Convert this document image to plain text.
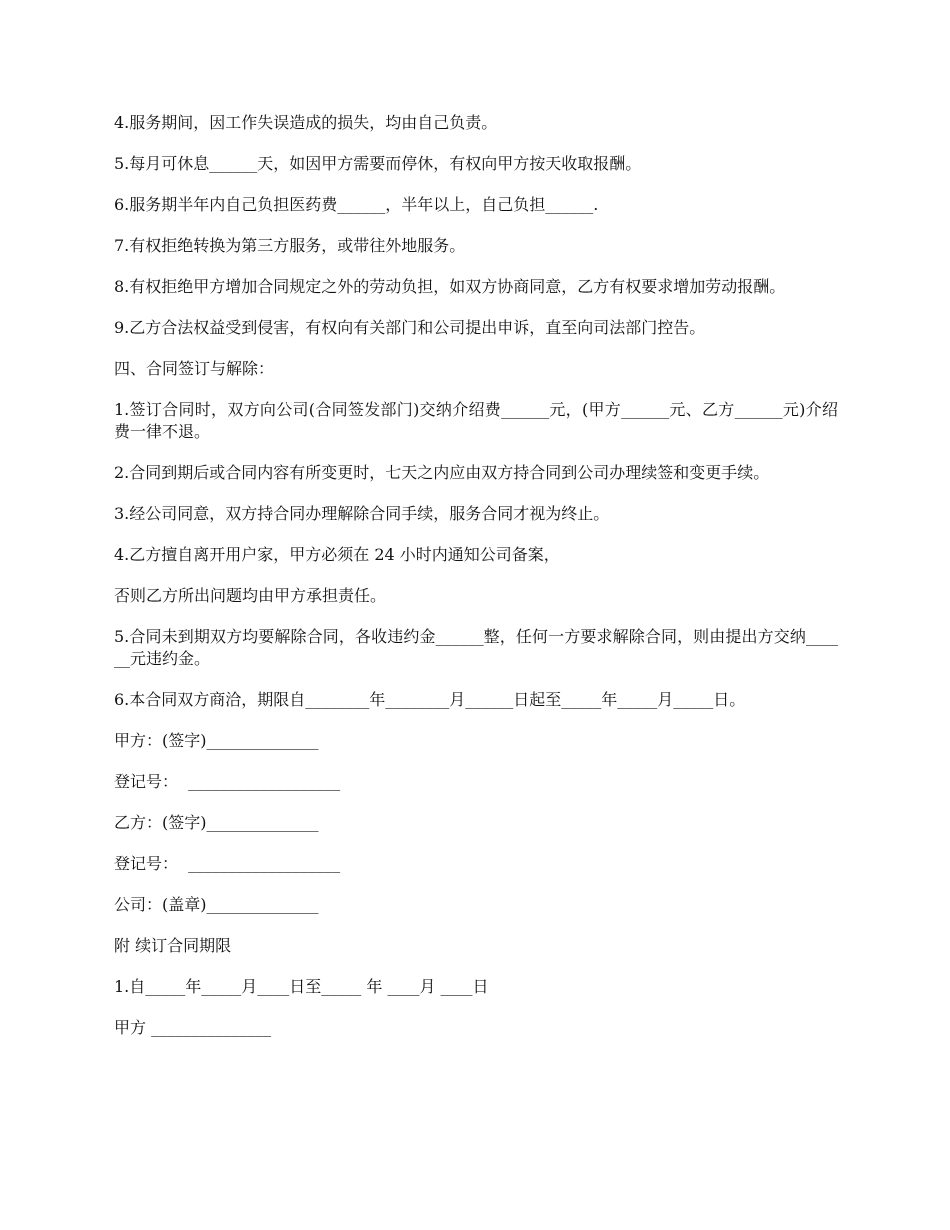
4.服务期间，因工作失误造成的损失，均由自己负责。

5.每月可休息______天，如因甲方需要而停休，有权向甲方按天收取报酬。

6.服务期半年内自己负担医药费______，半年以上，自己负担______.

7.有权拒绝转换为第三方服务，或带往外地服务。

8.有权拒绝甲方增加合同规定之外的劳动负担，如双方协商同意，乙方有权要求增加劳动报酬。

9.乙方合法权益受到侵害，有权向有关部门和公司提出申诉，直至向司法部门控告。

四、合同签订与解除：

1.签订合同时，双方向公司(合同签发部门)交纳介绍费______元，(甲方______元、乙方______元)介绍费一律不退。

2.合同到期后或合同内容有所变更时，七天之内应由双方持合同到公司办理续签和变更手续。

3.经公司同意，双方持合同办理解除合同手续，服务合同才视为终止。

4.乙方擅自离开用户家，甲方必须在 24 小时内通知公司备案，

否则乙方所出问题均由甲方承担责任。

5.合同未到期双方均要解除合同，各收违约金______整，任何一方要求解除合同，则由提出方交纳______元违约金。

6.本合同双方商洽，期限自________年________月______日起至_____年_____月_____日。

甲方：(签字)______________

登记号：  ___________________

乙方：(签字)______________

登记号：  ___________________

公司：(盖章)______________

附 续订合同期限

1.自_____年_____月____日至_____ 年 ____月 ____日

甲方 _______________
